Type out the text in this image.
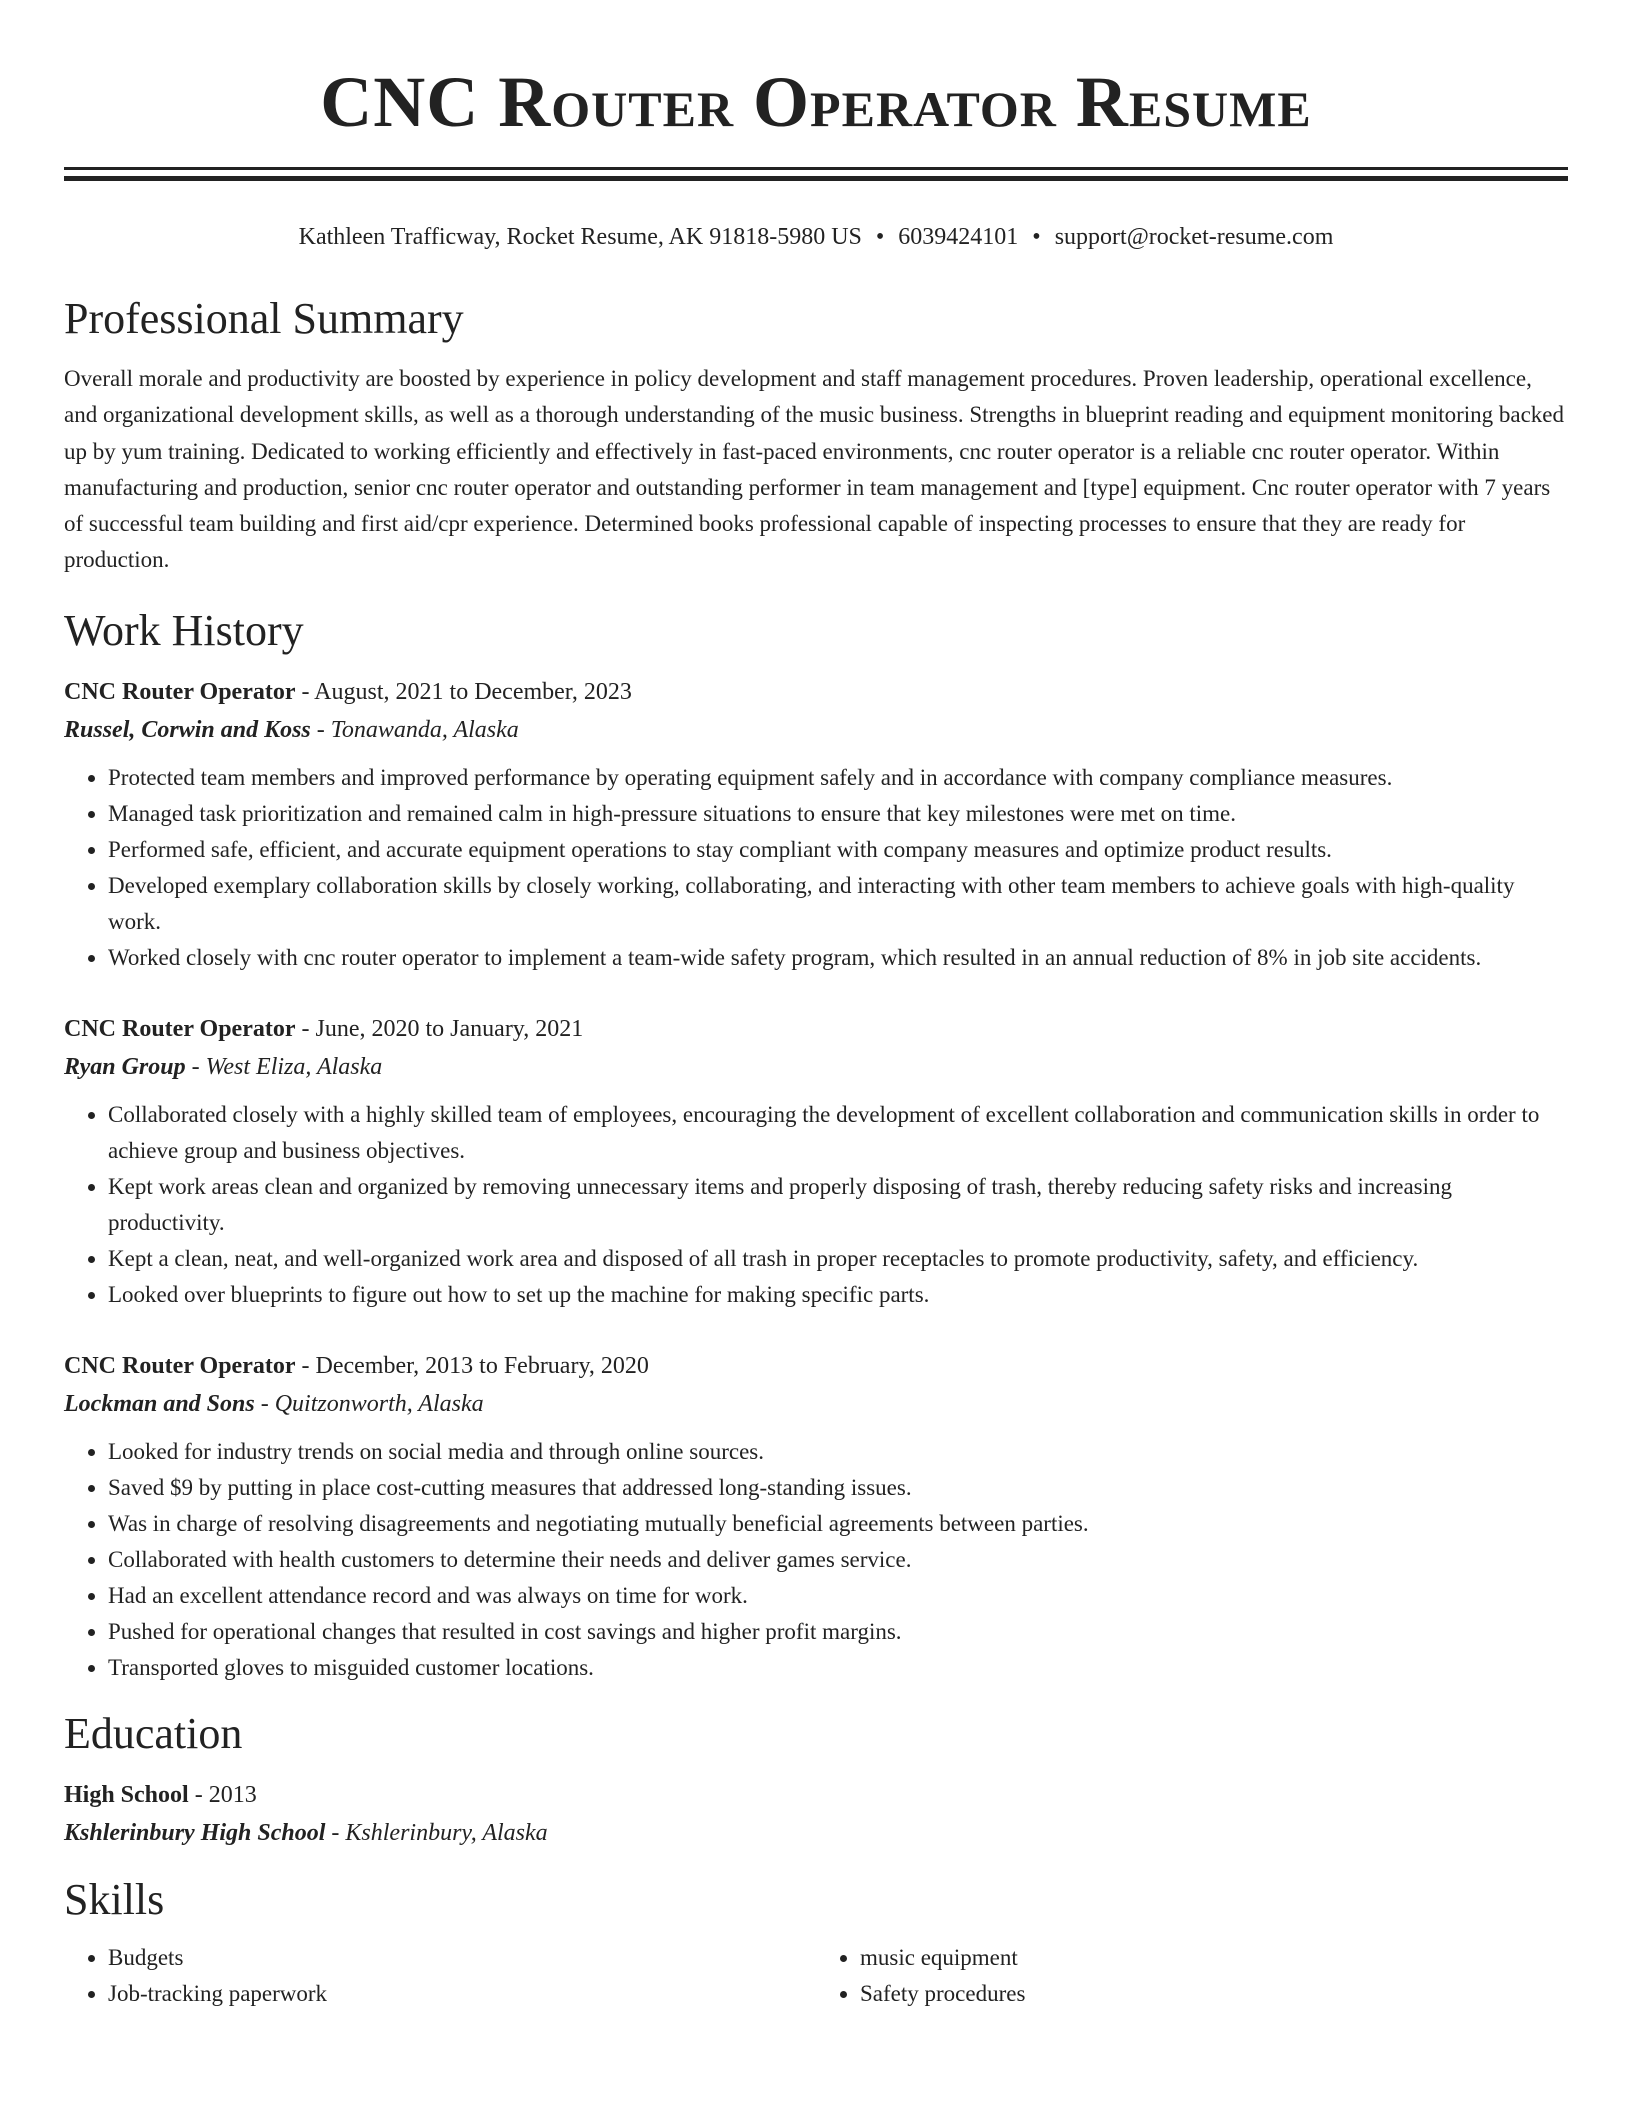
CNC Router Operator Resume
Kathleen Trafficway, Rocket Resume, AK 91818-5980 US • 6039424101 • support@rocket-resume.com
Professional Summary
Overall morale and productivity are boosted by experience in policy development and staff management procedures. Proven leadership, operational excellence, and organizational development skills, as well as a thorough understanding of the music business. Strengths in blueprint reading and equipment monitoring backed up by yum training. Dedicated to working efficiently and effectively in fast-paced environments, cnc router operator is a reliable cnc router operator. Within manufacturing and production, senior cnc router operator and outstanding performer in team management and [type] equipment. Cnc router operator with 7 years of successful team building and first aid/cpr experience. Determined books professional capable of inspecting processes to ensure that they are ready for production.
Work History
CNC Router Operator - August, 2021 to December, 2023
Russel, Corwin and Koss - Tonawanda, Alaska
• Protected team members and improved performance by operating equipment safely and in accordance with company compliance measures.
• Managed task prioritization and remained calm in high-pressure situations to ensure that key milestones were met on time.
• Performed safe, efficient, and accurate equipment operations to stay compliant with company measures and optimize product results.
• Developed exemplary collaboration skills by closely working, collaborating, and interacting with other team members to achieve goals with high-quality work.
• Worked closely with cnc router operator to implement a team-wide safety program, which resulted in an annual reduction of 8% in job site accidents.
CNC Router Operator - June, 2020 to January, 2021
Ryan Group - West Eliza, Alaska
• Collaborated closely with a highly skilled team of employees, encouraging the development of excellent collaboration and communication skills in order to achieve group and business objectives.
• Kept work areas clean and organized by removing unnecessary items and properly disposing of trash, thereby reducing safety risks and increasing productivity.
• Kept a clean, neat, and well-organized work area and disposed of all trash in proper receptacles to promote productivity, safety, and efficiency.
• Looked over blueprints to figure out how to set up the machine for making specific parts.
CNC Router Operator - December, 2013 to February, 2020
Lockman and Sons - Quitzonworth, Alaska
• Looked for industry trends on social media and through online sources.
• Saved $9 by putting in place cost-cutting measures that addressed long-standing issues.
• Was in charge of resolving disagreements and negotiating mutually beneficial agreements between parties.
• Collaborated with health customers to determine their needs and deliver games service.
• Had an excellent attendance record and was always on time for work.
• Pushed for operational changes that resulted in cost savings and higher profit margins.
• Transported gloves to misguided customer locations.
Education
High School - 2013
Kshlerinbury High School - Kshlerinbury, Alaska
Skills
• Budgets
• Job-tracking paperwork
• music equipment
• Safety procedures
